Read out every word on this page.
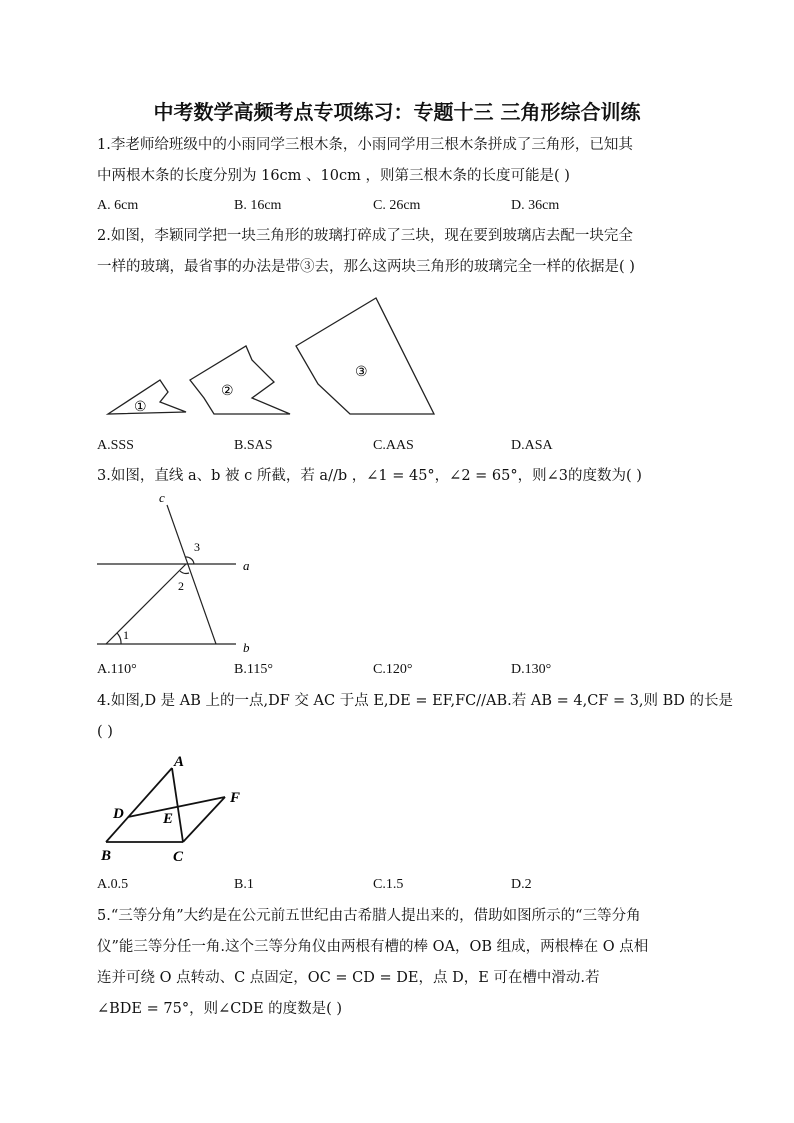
中考数学高频考点专项练习：专题十三 三角形综合训练
1.李老师给班级中的小雨同学三根木条，小雨同学用三根木条拼成了三角形，已知其
中两根木条的长度分别为 16cm 、10cm ，则第三根木条的长度可能是( )
A. 6cm	B. 16cm	C. 26cm	D. 36cm
2.如图，李颖同学把一块三角形的玻璃打碎成了三块，现在要到玻璃店去配一块完全
一样的玻璃，最省事的办法是带③去，那么这两块三角形的玻璃完全一样的依据是( )
①
②
③
A.SSS	B.SAS	C.AAS	D.ASA
3.如图，直线 a、b 被 c 所截，若 a//b ，∠1 = 45°，∠2 = 65°，则∠3的度数为( )
c
a
b
1
2
3
A.110°	B.115°	C.120°	D.130°
4.如图,D 是 AB 上的一点,DF 交 AC 于点 E,DE = EF,FC//AB.若 AB = 4,CF = 3,则 BD 的长是
( )
A
D	E
F
B	C
A.0.5	B.1	C.1.5	D.2
5.“三等分角”大约是在公元前五世纪由古希腊人提出来的，借助如图所示的“三等分角
仪”能三等分任一角.这个三等分角仪由两根有槽的棒 OA，OB 组成，两根棒在 O 点相
连并可绕 O 点转动、C 点固定，OC = CD = DE，点 D，E 可在槽中滑动.若
∠BDE = 75°，则∠CDE 的度数是( )
